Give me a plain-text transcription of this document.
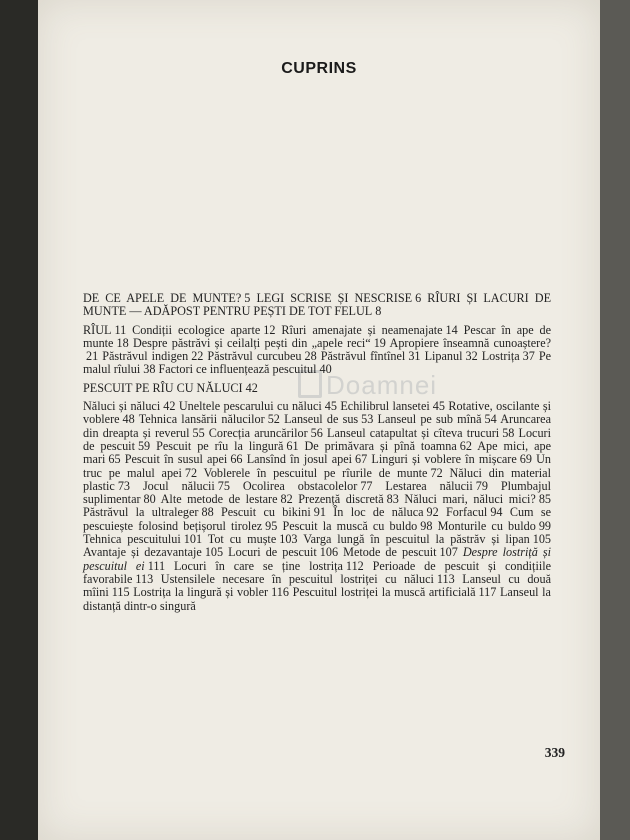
CUPRINS
Doamnei
DE CE APELE DE MUNTE? 5 LEGI SCRISE ȘI NESCRISE 6 RÎURI ȘI LACURI DE MUNTE — ADĂPOST PENTRU PEȘTI DE TOT FELUL 8
RÎUL 11 Condiții ecologice aparte 12 Rîuri amenajate și neamenajate 14 Pescar în ape de munte 18 Despre păstrăvi și ceilalți pești din „apele reci“ 19 Apropiere înseamnă cunoaștere?21 Păstrăvul indigen 22 Păstrăvul curcubeu 28 Păstrăvul fîntînel 31 Lipanul 32 Lostrița 37 Pe malul rîului 38 Factori ce influențează pescuitul 40
PESCUIT PE RÎU CU NĂLUCI 42
Năluci și năluci 42 Uneltele pescarului cu năluci 45 Echilibrul lansetei 45 Rotative, oscilante și voblere 48 Tehnica lansării nălucilor 52 Lanseul de sus 53 Lanseul pe sub mînă 54 Aruncarea din dreapta și reverul 55 Corecția aruncărilor 56 Lanseul catapultat și cîteva trucuri 58 Locuri de pescuit 59 Pescuit pe rîu la lingură 61 De primăvara și pînă toamna 62 Ape mici, ape mari 65 Pescuit în susul apei 66 Lansînd în josul apei 67 Linguri și voblere în mișcare 69 Un truc pe malul apei 72 Voblerele în pescuitul pe rîurile de munte 72 Năluci din material plastic 73 Jocul nălucii 75 Ocolirea obstacolelor 77 Lestarea nălucii 79 Plumbajul suplimentar 80 Alte metode de lestare 82 Prezență discretă 83 Năluci mari, năluci mici? 85Păstrăvul la ultraleger 88 Pescuit cu bikini 91 În loc de năluca 92 Forfacul 94 Cum se pescuiește folosind bețișorul tirolez 95 Pescuit la muscă cu buldo 98 Monturile cu buldo 99Tehnica pescuitului 101 Tot cu muște 103 Varga lungă în pescuitul la păstrăv și lipan 105Avantaje și dezavantaje 105 Locuri de pescuit 106 Metode de pescuit 107 Despre lostriță și pescuitul ei 111 Locuri în care se ține lostrița 112 Perioade de pescuit și condițiile favorabile 113 Ustensilele necesare în pescuitul lostriței cu năluci 113 Lanseul cu două mîini 115 Lostrița la lingură și vobler 116 Pescuitul lostriței la muscă artificială 117 Lanseul la distanță dintr-o singură
339
